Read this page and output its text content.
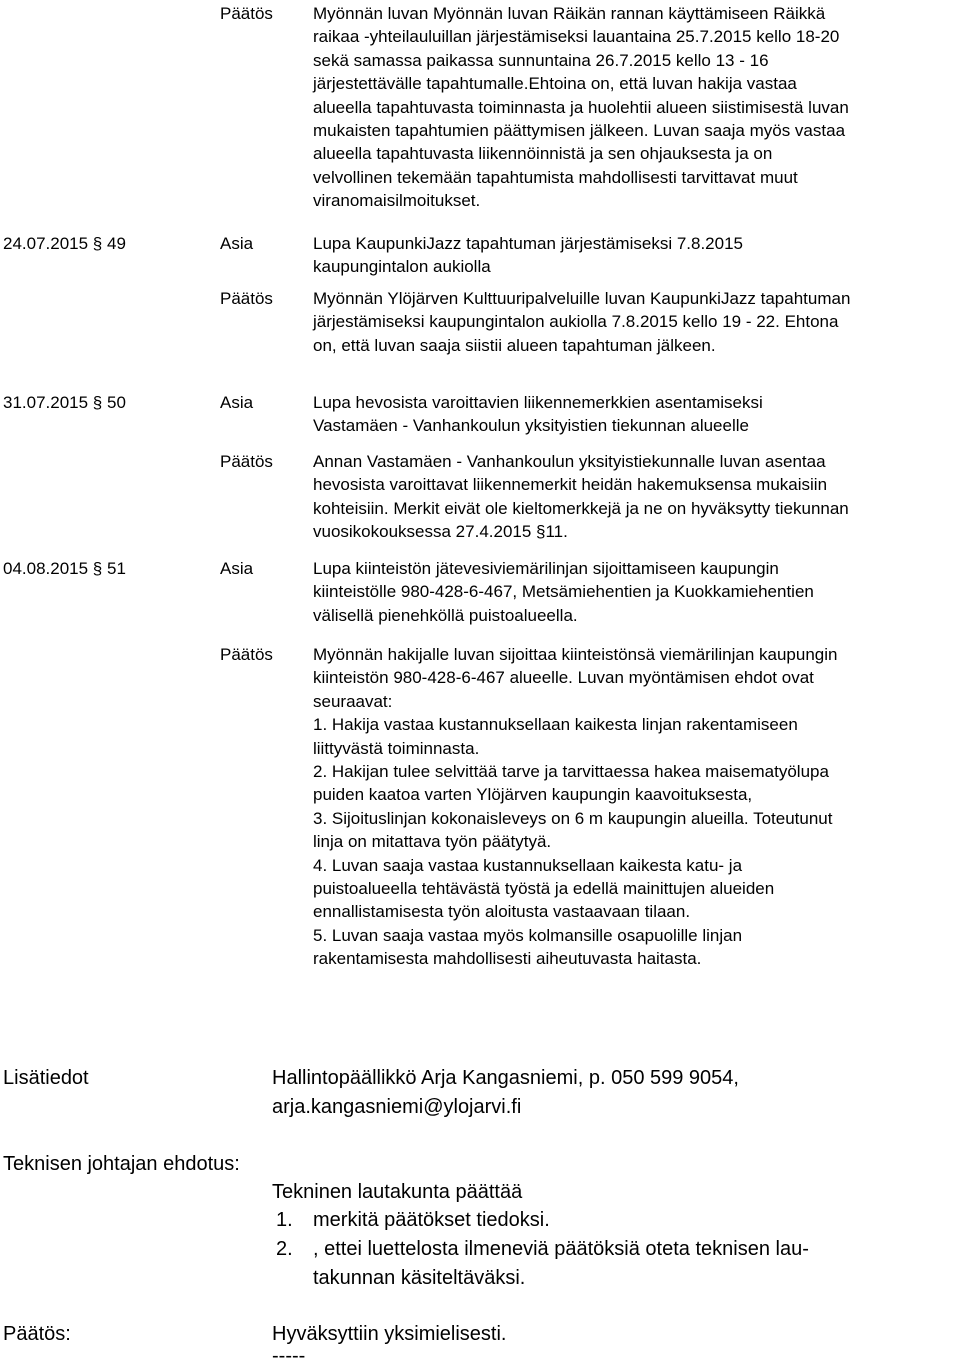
Päätös Myönnän luvan Myönnän luvan Räikän rannan käyttämiseen Räikkä
raikaa -yhteilauluillan järjestämiseksi lauantaina 25.7.2015 kello 18-20
sekä samassa paikassa sunnuntaina 26.7.2015 kello 13 - 16
järjestettävälle tapahtumalle.Ehtoina on, että luvan hakija vastaa
alueella tapahtuvasta toiminnasta ja huolehtii alueen siistimisestä luvan
mukaisten tapahtumien päättymisen jälkeen. Luvan saaja myös vastaa
alueella tapahtuvasta liikennöinnistä ja sen ohjauksesta ja on
velvollinen tekemään tapahtumista mahdollisesti tarvittavat muut
viranomaisilmoitukset.
24.07.2015 § 49	Asia	Lupa KaupunkiJazz tapahtuman järjestämiseksi 7.8.2015
kaupungintalon aukiolla
Päätös Myönnän Ylöjärven Kulttuuripalveluille luvan KaupunkiJazz tapahtuman
järjestämiseksi kaupungintalon aukiolla 7.8.2015 kello 19 - 22. Ehtona
on, että luvan saaja siistii alueen tapahtuman jälkeen.
31.07.2015 § 50	Asia	Lupa hevosista varoittavien liikennemerkkien asentamiseksi
Vastamäen - Vanhankoulun yksityistien tiekunnan alueelle
Päätös Annan Vastamäen - Vanhankoulun yksityistiekunnalle luvan asentaa
hevosista varoittavat liikennemerkit heidän hakemuksensa mukaisiin
kohteisiin. Merkit eivät ole kieltomerkkejä ja ne on hyväksytty tiekunnan
vuosikokouksessa 27.4.2015 §11.
04.08.2015 § 51	Asia	Lupa kiinteistön jätevesiviemärilinjan sijoittamiseen kaupungin
kiinteistölle 980-428-6-467, Metsämiehentien ja Kuokkamiehentien
välisellä pienehköllä puistoalueella.
Päätös Myönnän hakijalle luvan sijoittaa kiinteistönsä viemärilinjan kaupungin
kiinteistön 980-428-6-467 alueelle. Luvan myöntämisen ehdot ovat
seuraavat:
1. Hakija vastaa kustannuksellaan kaikesta linjan rakentamiseen
liittyvästä toiminnasta.
2. Hakijan tulee selvittää tarve ja tarvittaessa hakea maisematyölupa
puiden kaatoa varten Ylöjärven kaupungin kaavoituksesta,
3. Sijoituslinjan kokonaisleveys on 6 m kaupungin alueilla. Toteutunut
linja on mitattava työn päätytyä.
4. Luvan saaja vastaa kustannuksellaan kaikesta katu- ja
puistoalueella tehtävästä työstä ja edellä mainittujen alueiden
ennallistamisesta työn aloitusta vastaavaan tilaan.
5. Luvan saaja vastaa myös kolmansille osapuolille linjan
rakentamisesta mahdollisesti aiheutuvasta haitasta.
Lisätiedot	Hallintopäällikkö Arja Kangasniemi, p. 050 599 9054,
arja.kangasniemi@ylojarvi.fi
Teknisen johtajan ehdotus:
Tekninen lautakunta päättää
1. merkitä päätökset tiedoksi.
2. , ettei luettelosta ilmeneviä päätöksiä oteta teknisen lau-
takunnan käsiteltäväksi.
Päätös:	Hyväksyttiin yksimielisesti.
-----
